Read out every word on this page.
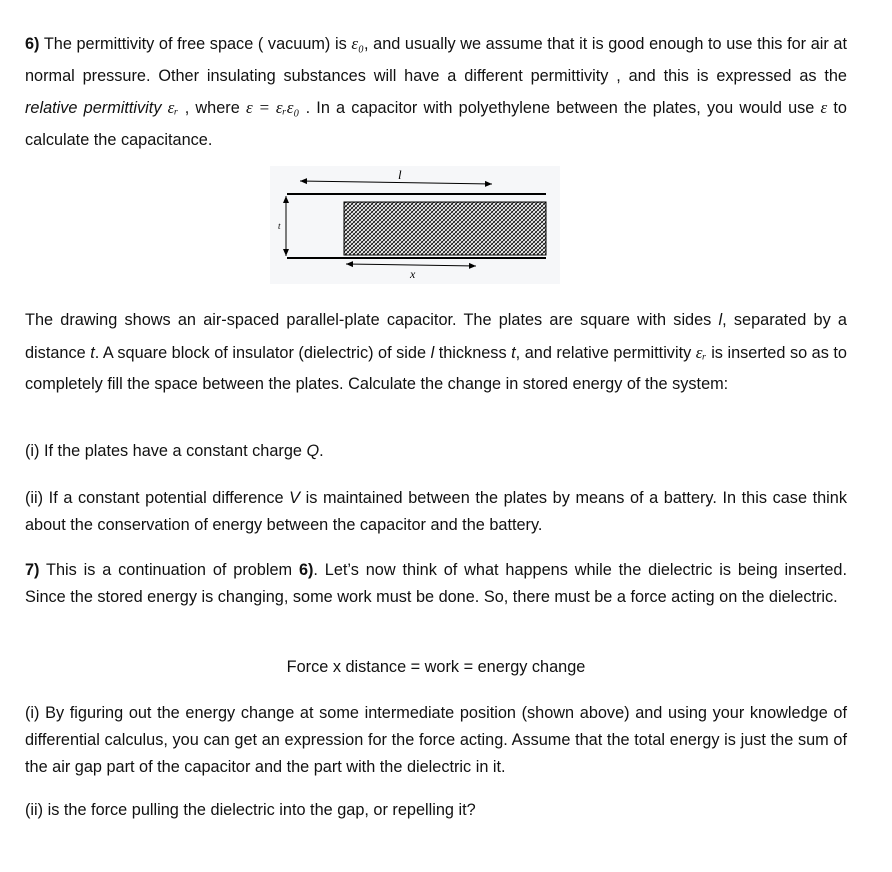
6) The permittivity of free space ( vacuum) is ε₀, and usually we assume that it is good enough to use this for air at normal pressure. Other insulating substances will have a different permittivity , and this is expressed as the relative permittivity εᵣ , where ε = εᵣε₀ . In a capacitor with polyethylene between the plates, you would use ε to calculate the capacitance.

l
t
x

The drawing shows an air-spaced parallel-plate capacitor. The plates are square with sides l, separated by a distance t. A square block of insulator (dielectric) of side l thickness t, and relative permittivity εᵣ is inserted so as to completely fill the space between the plates. Calculate the change in stored energy of the system:

(i) If the plates have a constant charge Q.

(ii) If a constant potential difference V is maintained between the plates by means of a battery. In this case think about the conservation of energy between the capacitor and the battery.

7) This is a continuation of problem 6). Let’s now think of what happens while the dielectric is being inserted. Since the stored energy is changing, some work must be done. So, there must be a force acting on the dielectric.

Force x distance = work = energy change

(i) By figuring out the energy change at some intermediate position (shown above) and using your knowledge of differential calculus, you can get an expression for the force acting. Assume that the total energy is just the sum of the air gap part of the capacitor and the part with the dielectric in it.

(ii) is the force pulling the dielectric into the gap, or repelling it?
